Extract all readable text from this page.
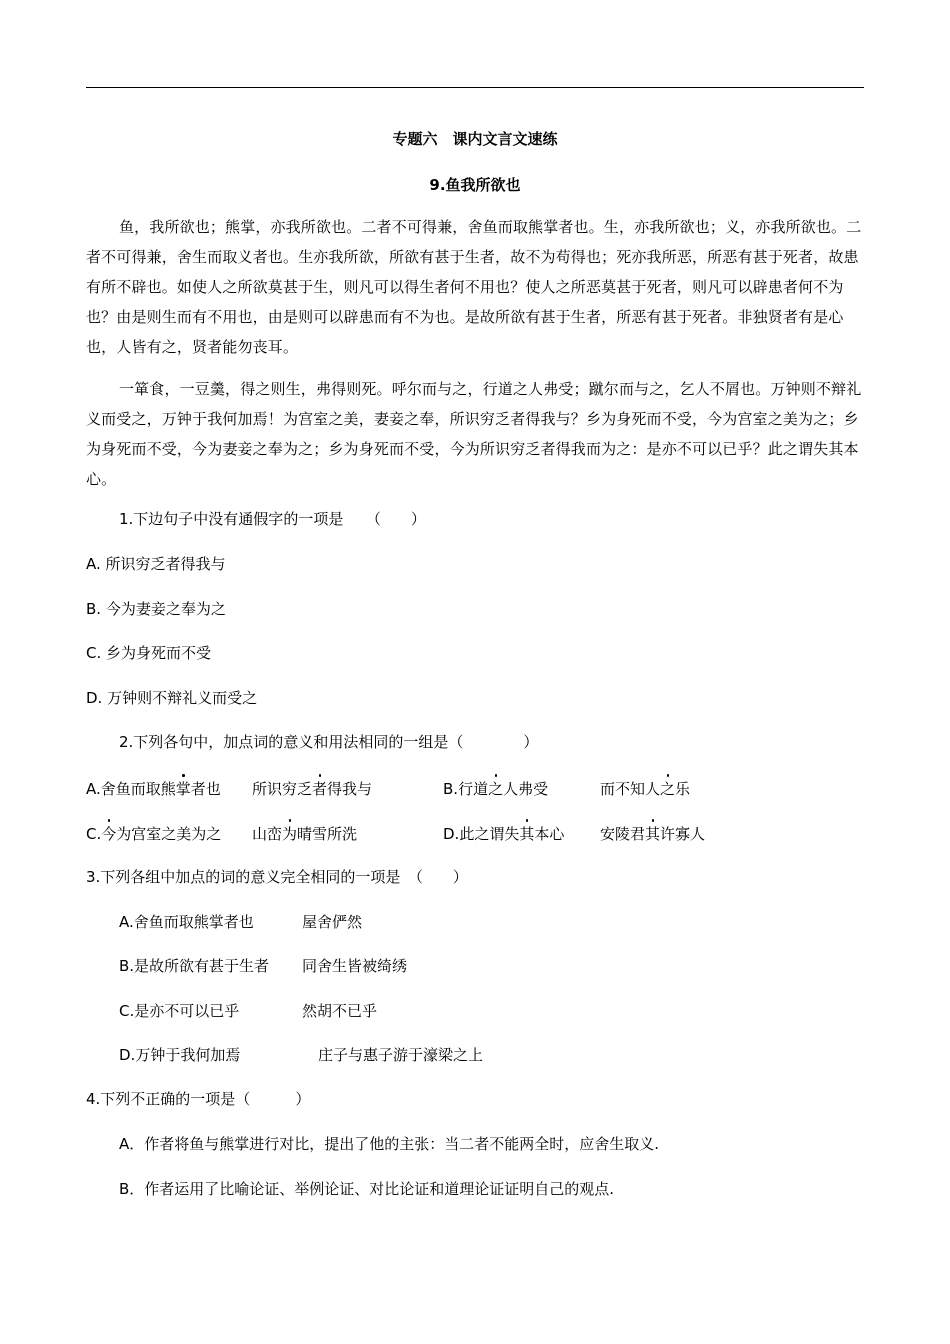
专题六　课内文言文速练
9.鱼我所欲也
鱼，我所欲也；熊掌，亦我所欲也。二者不可得兼，舍鱼而取熊掌者也。生，亦我所欲也；义，亦我所欲也。二者不可得兼，舍生而取义者也。生亦我所欲，所欲有甚于生者，故不为苟得也；死亦我所恶，所恶有甚于死者，故患有所不辟也。如使人之所欲莫甚于生，则凡可以得生者何不用也？使人之所恶莫甚于死者，则凡可以辟患者何不为也？由是则生而有不用也，由是则可以辟患而有不为也。是故所欲有甚于生者，所恶有甚于死者。非独贤者有是心也，人皆有之，贤者能勿丧耳。
一箪食，一豆羹，得之则生，弗得则死。呼尔而与之，行道之人弗受；蹴尔而与之，乞人不屑也。万钟则不辩礼义而受之，万钟于我何加焉！为宫室之美，妻妾之奉，所识穷乏者得我与？乡为身死而不受，今为宫室之美为之；乡为身死而不受，今为妻妾之奉为之；乡为身死而不受，今为所识穷乏者得我而为之：是亦不可以已乎？此之谓失其本心。
1.下边句子中没有通假字的一项是　　（　　）
A. 所识穷乏者得我与
B. 今为妻妾之奉为之
C. 乡为身死而不受
D. 万钟则不辩礼义而受之
2.下列各句中，加点词的意义和用法相同的一组是（　　　　）
A.舍鱼而取熊掌者也 所识穷乏者得我与	B.行道之人弗受	而不知人之乐
C.今为宫室之美为之 山峦为晴雪所洗	D.此之谓失其本心 安陵君其许寡人
3.下列各组中加点的词的意义完全相同的一项是　（　　）
A.舍鱼而取熊掌者也	屋舍俨然
B.是故所欲有甚于生者 同舍生皆被绮绣
C.是亦不可以已乎	然胡不已乎
D.万钟于我何加焉	庄子与惠子游于濠梁之上
4.下列不正确的一项是（　　　）
A．作者将鱼与熊掌进行对比，提出了他的主张：当二者不能两全时，应舍生取义.
B．作者运用了比喻论证、举例论证、对比论证和道理论证证明自己的观点.
